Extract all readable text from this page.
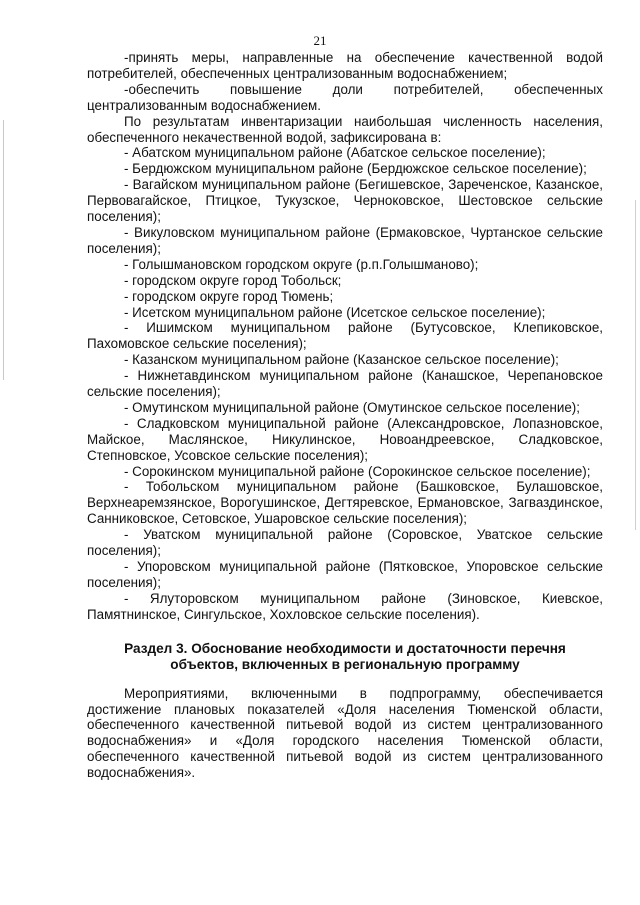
21

-принять меры, направленные на обеспечение качественной водой потребителей, обеспеченных централизованным водоснабжением;

-обеспечить повышение доли потребителей, обеспеченных централизованным водоснабжением.

По результатам инвентаризации наибольшая численность населения, обеспеченного некачественной водой, зафиксирована в:

- Абатском муниципальном районе (Абатское сельское поселение);

- Бердюжском муниципальном районе (Бердюжское сельское поселение);

- Вагайском муниципальном районе (Бегишевское, Зареченское, Казанское, Первовагайское, Птицкое, Тукузское, Черноковское, Шестовское сельские поселения);

- Викуловском муниципальном районе (Ермаковское, Чуртанское сельские поселения);

- Голышмановском городском округе (р.п.Голышманово);

- городском округе город Тобольск;

- городском округе город Тюмень;

- Исетском муниципальном районе (Исетское сельское поселение);

- Ишимском муниципальном районе (Бутусовское, Клепиковское, Пахомовское сельские поселения);

- Казанском муниципальном районе (Казанское сельское поселение);

- Нижнетавдинском муниципальном районе (Канашское, Черепановское сельские поселения);

- Омутинском муниципальной районе (Омутинское сельское поселение);

- Сладковском муниципальной районе (Александровское, Лопазновское, Майское, Маслянское, Никулинское, Новоандреевское, Сладковское, Степновское, Усовское сельские поселения);

- Сорокинском муниципальной районе (Сорокинское сельское поселение);

- Тобольском муниципальном районе (Башковское, Булашовское, Верхнеаремзянское, Ворогушинское, Дегтяревское, Ермановское, Загваздинское, Санниковское, Сетовское, Ушаровское сельские поселения);

- Уватском муниципальной районе (Соровское, Уватское сельские поселения);

- Упоровском муниципальной районе (Пятковское, Упоровское сельские поселения);

- Ялуторовском муниципальном районе (Зиновское, Киевское, Памятнинское, Сингульское, Хохловское сельские поселения).

Раздел 3. Обоснование необходимости и достаточности перечня
объектов, включенных в региональную программу

Мероприятиями, включенными в подпрограмму, обеспечивается достижение плановых показателей «Доля населения Тюменской области, обеспеченного качественной питьевой водой из систем централизованного водоснабжения» и «Доля городского населения Тюменской области, обеспеченного качественной питьевой водой из систем централизованного водоснабжения».
